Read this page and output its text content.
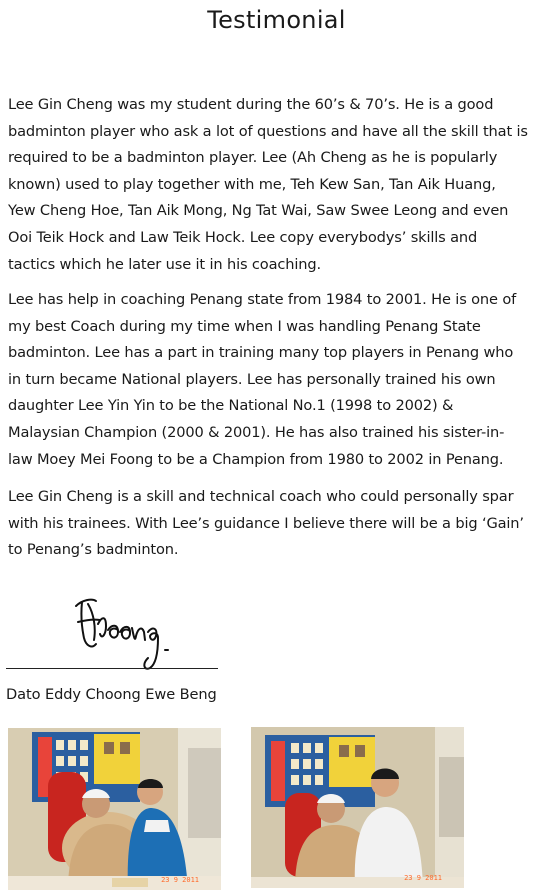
Testimonial
Lee Gin Cheng was my student during the 60’s & 70’s. He is a good
badminton player who ask a lot of questions and have all the skill that is
required to be a badminton player. Lee (Ah Cheng as he is popularly
known) used to play together with me, Teh Kew San, Tan Aik Huang,
Yew Cheng Hoe, Tan Aik Mong, Ng Tat Wai, Saw Swee Leong and even
Ooi Teik Hock and Law Teik Hock. Lee copy everybodys’ skills and
tactics which he later use it in his coaching.
Lee has help in coaching Penang state from 1984 to 2001. He is one of
my best Coach during my time when I was handling Penang State
badminton. Lee has a part in training many top players in Penang who
in turn became National players. Lee has personally trained his own
daughter Lee Yin Yin to be the National No.1 (1998 to 2002) &
Malaysian Champion (2000 & 2001). He has also trained his sister-in-
law Moey Mei Foong to be a Champion from 1980 to 2002 in Penang.
Lee Gin Cheng is a skill and technical coach who could personally spar
with his trainees. With Lee’s guidance I believe there will be a big ‘Gain’
to Penang’s badminton.
Dato Eddy Choong Ewe Beng
23 9 2011	23 9 2011
